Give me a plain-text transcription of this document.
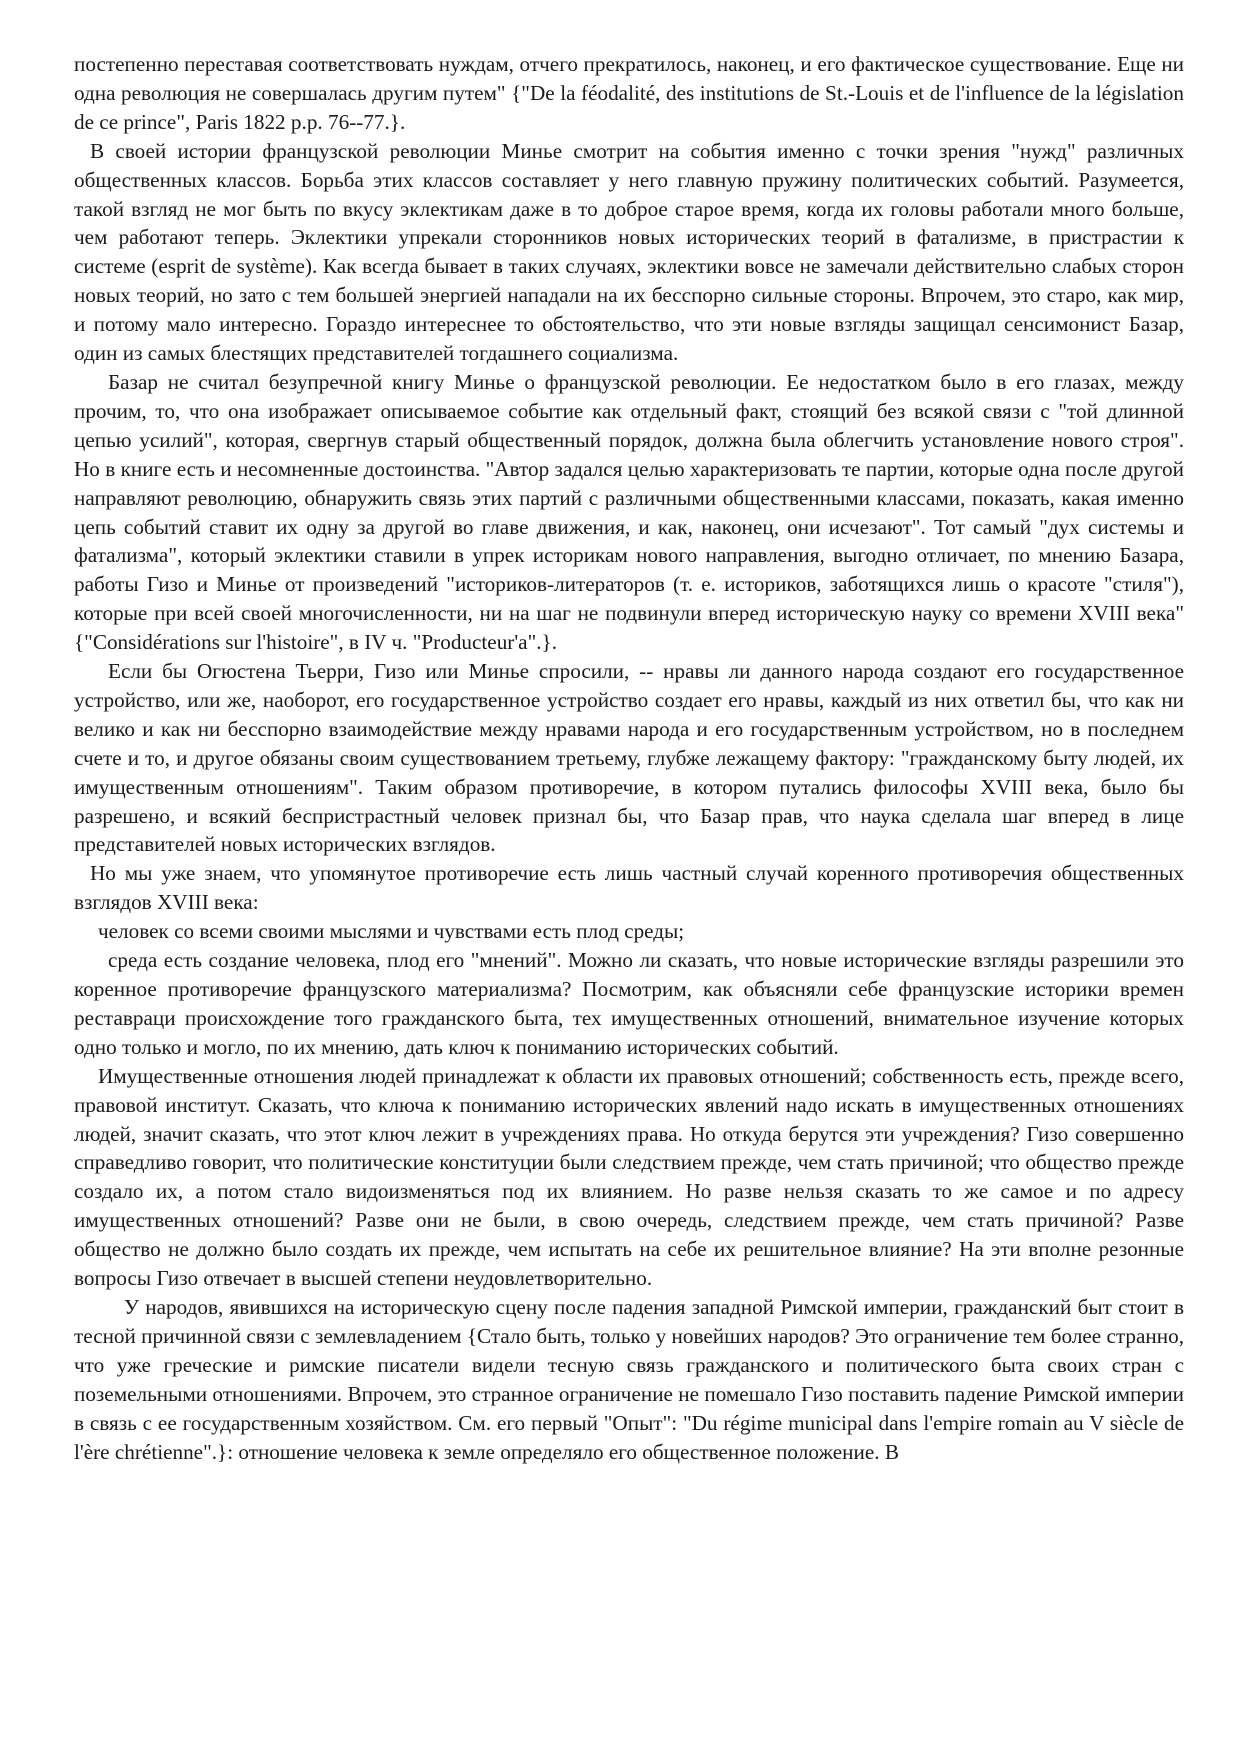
постепенно переставая соответствовать нуждам, отчего прекратилось, наконец, и его фактическое существование. Еще ни одна революция не совершалась другим путем" {"De la féodalité, des institutions de St.-Louis et de l'influence de la législation de ce prince", Paris 1822 p.p. 76--77.}.

В своей истории французской революции Минье смотрит на события именно с точки зрения "нужд" различных общественных классов. Борьба этих классов составляет у него главную пружину политических событий. Разумеется, такой взгляд не мог быть по вкусу эклектикам даже в то доброе старое время, когда их головы работали много больше, чем работают теперь. Эклектики упрекали сторонников новых исторических теорий в фатализме, в пристрастии к системе (esprit de système). Как всегда бывает в таких случаях, эклектики вовсе не замечали действительно слабых сторон новых теорий, но зато с тем большей энергией нападали на их бесспорно сильные стороны. Впрочем, это старо, как мир, и потому мало интересно. Гораздо интереснее то обстоятельство, что эти новые взгляды защищал сенсимонист Базар, один из самых блестящих представителей тогдашнего социализма.

Базар не считал безупречной книгу Минье о французской революции. Ее недостатком было в его глазах, между прочим, то, что она изображает описываемое событие как отдельный факт, стоящий без всякой связи с "той длинной цепью усилий", которая, свергнув старый общественный порядок, должна была облегчить установление нового строя". Но в книге есть и несомненные достоинства. "Автор задался целью характеризовать те партии, которые одна после другой направляют революцию, обнаружить связь этих партий с различными общественными классами, показать, какая именно цепь событий ставит их одну за другой во главе движения, и как, наконец, они исчезают". Тот самый "дух системы и фатализма", который эклектики ставили в упрек историкам нового направления, выгодно отличает, по мнению Базара, работы Гизо и Минье от произведений "историков-литераторов (т. е. историков, заботящихся лишь о красоте "стиля"), которые при всей своей многочисленности, ни на шаг не подвинули вперед историческую науку со времени XVIII века" {"Considérations sur l'histoire", в IV ч. "Producteur'a".}.

Если бы Огюстена Тьерри, Гизо или Минье спросили, -- нравы ли данного народа создают его государственное устройство, или же, наоборот, его государственное устройство создает его нравы, каждый из них ответил бы, что как ни велико и как ни бесспорно взаимодействие между нравами народа и его государственным устройством, но в последнем счете и то, и другое обязаны своим существованием третьему, глубже лежащему фактору: "гражданскому быту людей, их имущественным отношениям". Таким образом противоречие, в котором путались философы XVIII века, было бы разрешено, и всякий беспристрастный человек признал бы, что Базар прав, что наука сделала шаг вперед в лице представителей новых исторических взглядов.

Но мы уже знаем, что упомянутое противоречие есть лишь частный случай коренного противоречия общественных взглядов XVIII века:

человек со всеми своими мыслями и чувствами есть плод среды;

среда есть создание человека, плод его "мнений". Можно ли сказать, что новые исторические взгляды разрешили это коренное противоречие французского материализма? Посмотрим, как объясняли себе французские историки времен реставраци происхождение того гражданского быта, тех имущественных отношений, внимательное изучение которых одно только и могло, по их мнению, дать ключ к пониманию исторических событий.

Имущественные отношения людей принадлежат к области их правовых отношений; собственность есть, прежде всего, правовой институт. Сказать, что ключа к пониманию исторических явлений надо искать в имущественных отношениях людей, значит сказать, что этот ключ лежит в учреждениях права. Но откуда берутся эти учреждения? Гизо совершенно справедливо говорит, что политические конституции были следствием прежде, чем стать причиной; что общество прежде создало их, а потом стало видоизменяться под их влиянием. Но разве нельзя сказать то же самое и по адресу имущественных отношений? Разве они не были, в свою очередь, следствием прежде, чем стать причиной? Разве общество не должно было создать их прежде, чем испытать на себе их решительное влияние? На эти вполне резонные вопросы Гизо отвечает в высшей степени неудовлетворительно.

У народов, явившихся на историческую сцену после падения западной Римской империи, гражданский быт стоит в тесной причинной связи с землевладением {Стало быть, только у новейших народов? Это ограничение тем более странно, что уже греческие и римские писатели видели тесную связь гражданского и политического быта своих стран с поземельными отношениями. Впрочем, это странное ограничение не помешало Гизо поставить падение Римской империи в связь с ее государственным хозяйством. См. его первый "Опыт": "Du régime municipal dans l'empire romain au V siècle de l'ère chrétienne".}: отношение человека к земле определяло его общественное положение. В
